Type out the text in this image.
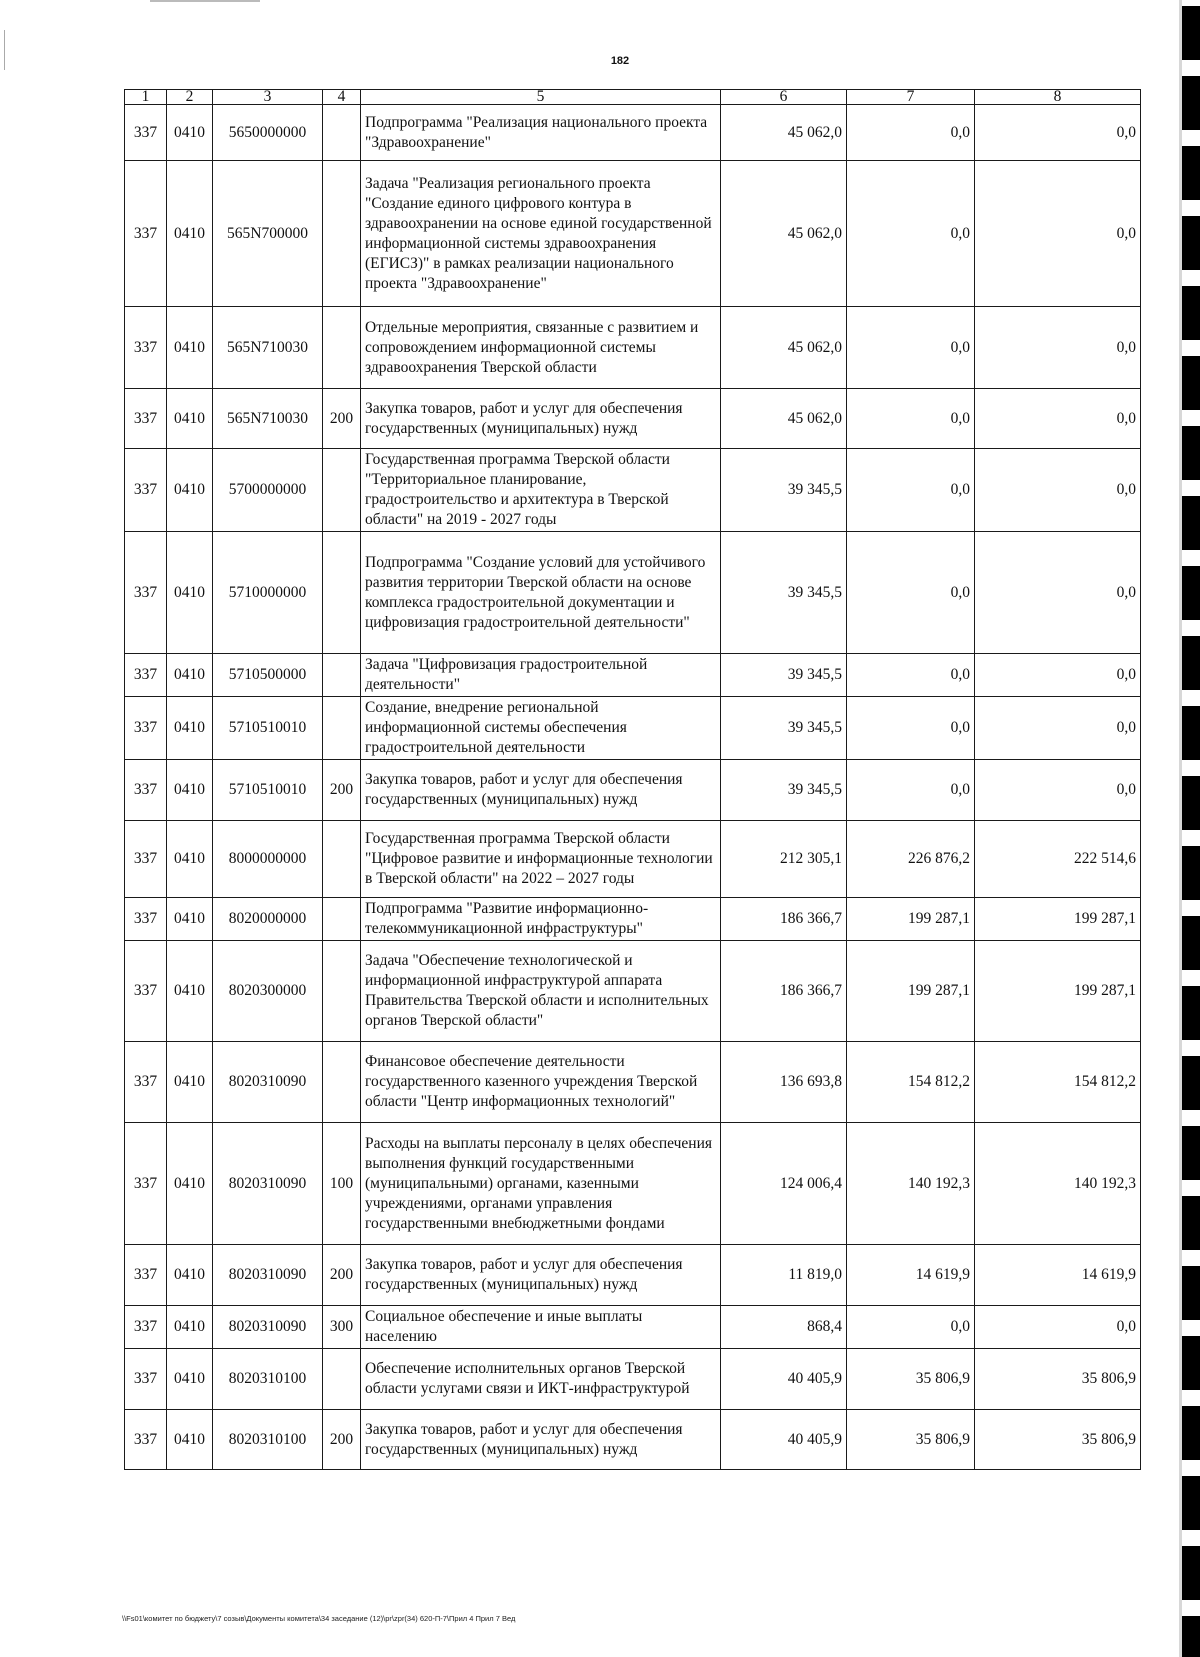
182
1	2	3	4	5	6	7	8
337	0410	5650000000		Подпрограмма "Реализация национального проекта "Здравоохранение"	45 062,0	0,0	0,0
337	0410	565N700000		Задача "Реализация регионального проекта "Создание единого цифрового контура в здравоохранении на основе единой государственной информационной системы здравоохранения (ЕГИСЗ)" в рамках реализации национального проекта "Здравоохранение"	45 062,0	0,0	0,0
337	0410	565N710030		Отдельные мероприятия, связанные с развитием и сопровождением информационной системы здравоохранения Тверской области	45 062,0	0,0	0,0
337	0410	565N710030	200	Закупка товаров, работ и услуг для обеспечения государственных (муниципальных) нужд	45 062,0	0,0	0,0
337	0410	5700000000		Государственная программа Тверской области "Территориальное планирование, градостроительство и архитектура в Тверской области" на 2019 - 2027 годы	39 345,5	0,0	0,0
337	0410	5710000000		Подпрограмма "Создание условий для устойчивого развития территории Тверской области на основе комплекса градостроительной документации и цифровизация градостроительной деятельности"	39 345,5	0,0	0,0
337	0410	5710500000		Задача "Цифровизация градостроительной деятельности"	39 345,5	0,0	0,0
337	0410	5710510010		Создание, внедрение региональной информационной системы обеспечения градостроительной деятельности	39 345,5	0,0	0,0
337	0410	5710510010	200	Закупка товаров, работ и услуг для обеспечения государственных (муниципальных) нужд	39 345,5	0,0	0,0
337	0410	8000000000		Государственная программа Тверской области "Цифровое развитие и информационные технологии в Тверской области" на 2022 – 2027 годы	212 305,1	226 876,2	222 514,6
337	0410	8020000000		Подпрограмма "Развитие информационно-телекоммуникационной инфраструктуры"	186 366,7	199 287,1	199 287,1
337	0410	8020300000		Задача "Обеспечение технологической и информационной инфраструктурой аппарата Правительства Тверской области и исполнительных органов Тверской области"	186 366,7	199 287,1	199 287,1
337	0410	8020310090		Финансовое обеспечение деятельности государственного казенного учреждения Тверской области "Центр информационных технологий"	136 693,8	154 812,2	154 812,2
337	0410	8020310090	100	Расходы на выплаты персоналу в целях обеспечения выполнения функций государственными (муниципальными) органами, казенными учреждениями, органами управления государственными внебюджетными фондами	124 006,4	140 192,3	140 192,3
337	0410	8020310090	200	Закупка товаров, работ и услуг для обеспечения государственных (муниципальных) нужд	11 819,0	14 619,9	14 619,9
337	0410	8020310090	300	Социальное обеспечение и иные выплаты населению	868,4	0,0	0,0
337	0410	8020310100		Обеспечение исполнительных органов Тверской области услугами связи и ИКТ-инфраструктурой	40 405,9	35 806,9	35 806,9
337	0410	8020310100	200	Закупка товаров, работ и услуг для обеспечения государственных (муниципальных) нужд	40 405,9	35 806,9	35 806,9
\\Fs01\комитет по бюджету\7 созыв\Документы комитета\34 заседание (12)\pr\zpr(34) 620-П-7\Прил 4 Прил 7 Вед
